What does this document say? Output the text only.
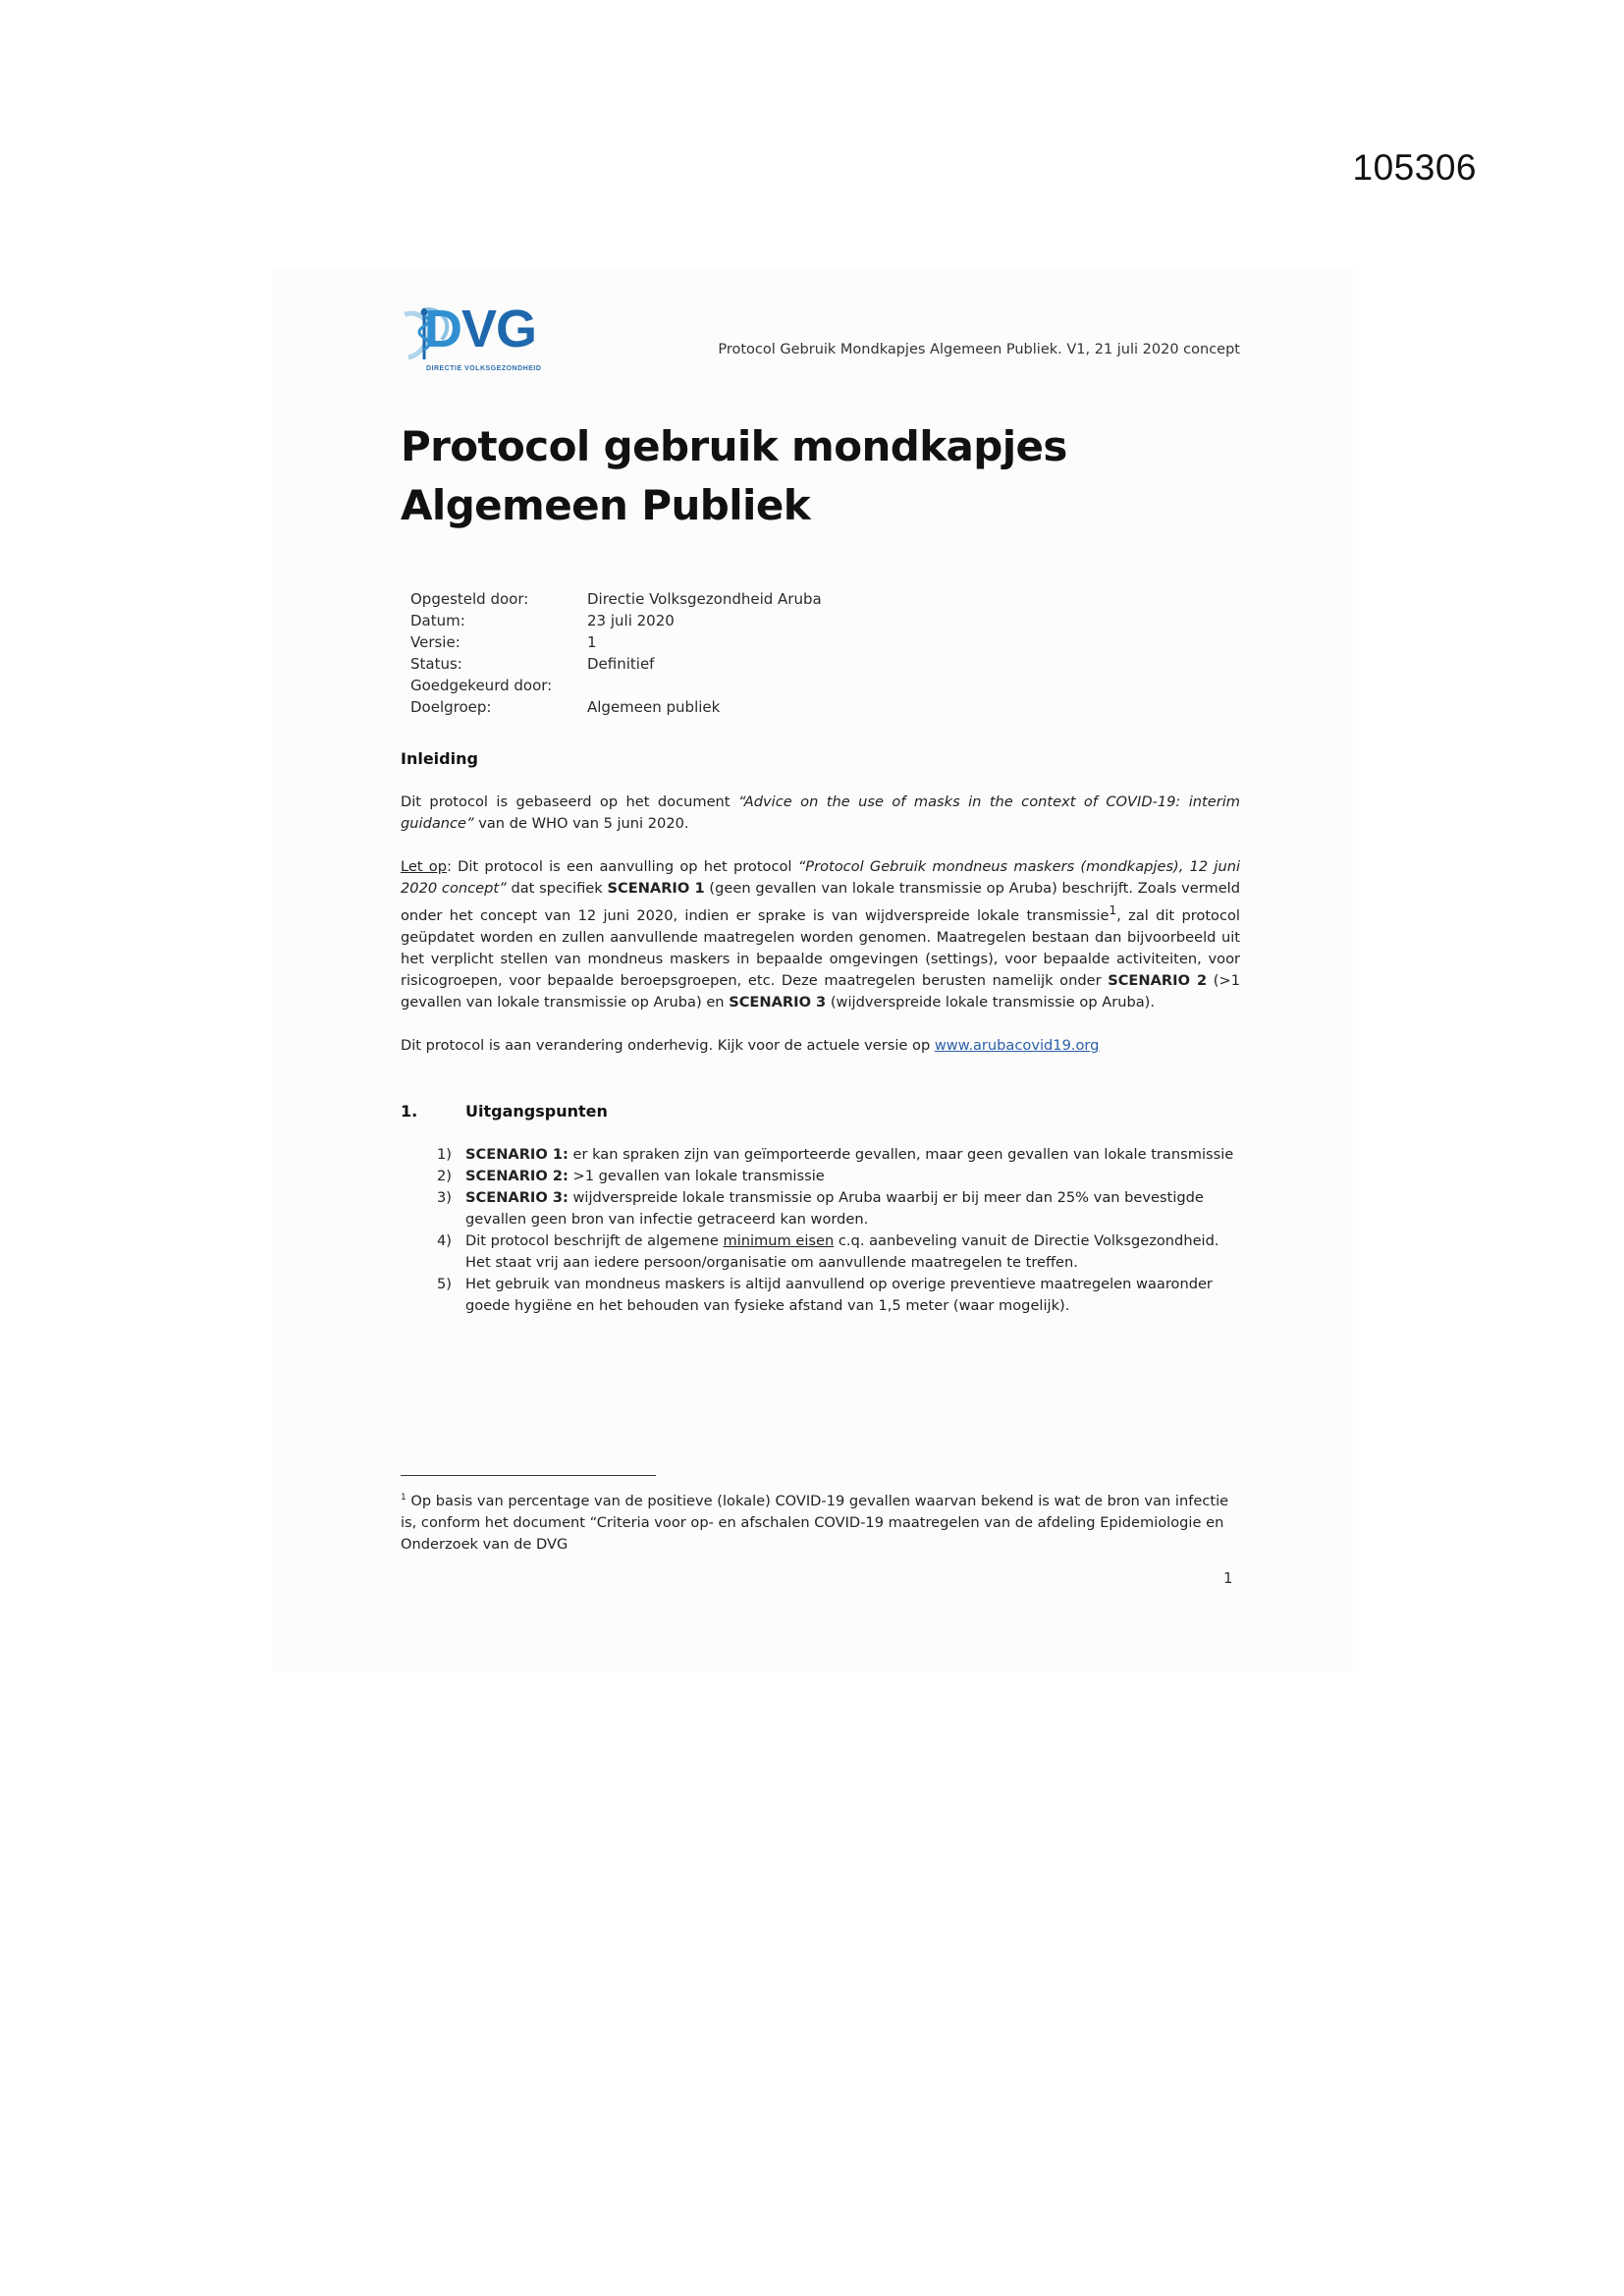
105306
DVG
DIRECTIE VOLKSGEZONDHEID
Protocol Gebruik Mondkapjes Algemeen Publiek. V1, 21 juli 2020 concept
Protocol gebruik mondkapjes
Algemeen Publiek
Opgesteld door:	Directie Volksgezondheid Aruba
Datum:	23 juli 2020
Versie:	1
Status:	Definitief
Goedgekeurd door:	
Doelgroep:	Algemeen publiek
Inleiding

Dit protocol is gebaseerd op het document “Advice on the use of masks in the context of COVID-19: interim guidance” van de WHO van 5 juni 2020.

Let op: Dit protocol is een aanvulling op het protocol “Protocol Gebruik mondneus maskers (mondkapjes), 12 juni 2020 concept” dat specifiek SCENARIO 1 (geen gevallen van lokale transmissie op Aruba) beschrijft. Zoals vermeld onder het concept van 12 juni 2020, indien er sprake is van wijdverspreide lokale transmissie$^1$, zal dit protocol geüpdatet worden en zullen aanvullende maatregelen worden genomen. Maatregelen bestaan dan bijvoorbeeld uit het verplicht stellen van mondneus maskers in bepaalde omgevingen (settings), voor bepaalde activiteiten, voor risicogroepen, voor bepaalde beroepsgroepen, etc. Deze maatregelen berusten namelijk onder SCENARIO 2 (>1 gevallen van lokale transmissie op Aruba) en SCENARIO 3 (wijdverspreide lokale transmissie op Aruba).

Dit protocol is aan verandering onderhevig. Kijk voor de actuele versie op www.arubacovid19.org

1.	Uitgangspunten
1) SCENARIO 1: er kan spraken zijn van geïmporteerde gevallen, maar geen gevallen van lokale transmissie
2) SCENARIO 2: >1 gevallen van lokale transmissie
3) SCENARIO 3: wijdverspreide lokale transmissie op Aruba waarbij er bij meer dan 25% van bevestigde gevallen geen bron van infectie getraceerd kan worden.
4) Dit protocol beschrijft de algemene minimum eisen c.q. aanbeveling vanuit de Directie Volksgezondheid. Het staat vrij aan iedere persoon/organisatie om aanvullende maatregelen te treffen.
5) Het gebruik van mondneus maskers is altijd aanvullend op overige preventieve maatregelen waaronder goede hygiëne en het behouden van fysieke afstand van 1,5 meter (waar mogelijk).
$^1$ Op basis van percentage van de positieve (lokale) COVID-19 gevallen waarvan bekend is wat de bron van infectie is, conform het document “Criteria voor op- en afschalen COVID-19 maatregelen van de afdeling Epidemiologie en Onderzoek van de DVG
1
